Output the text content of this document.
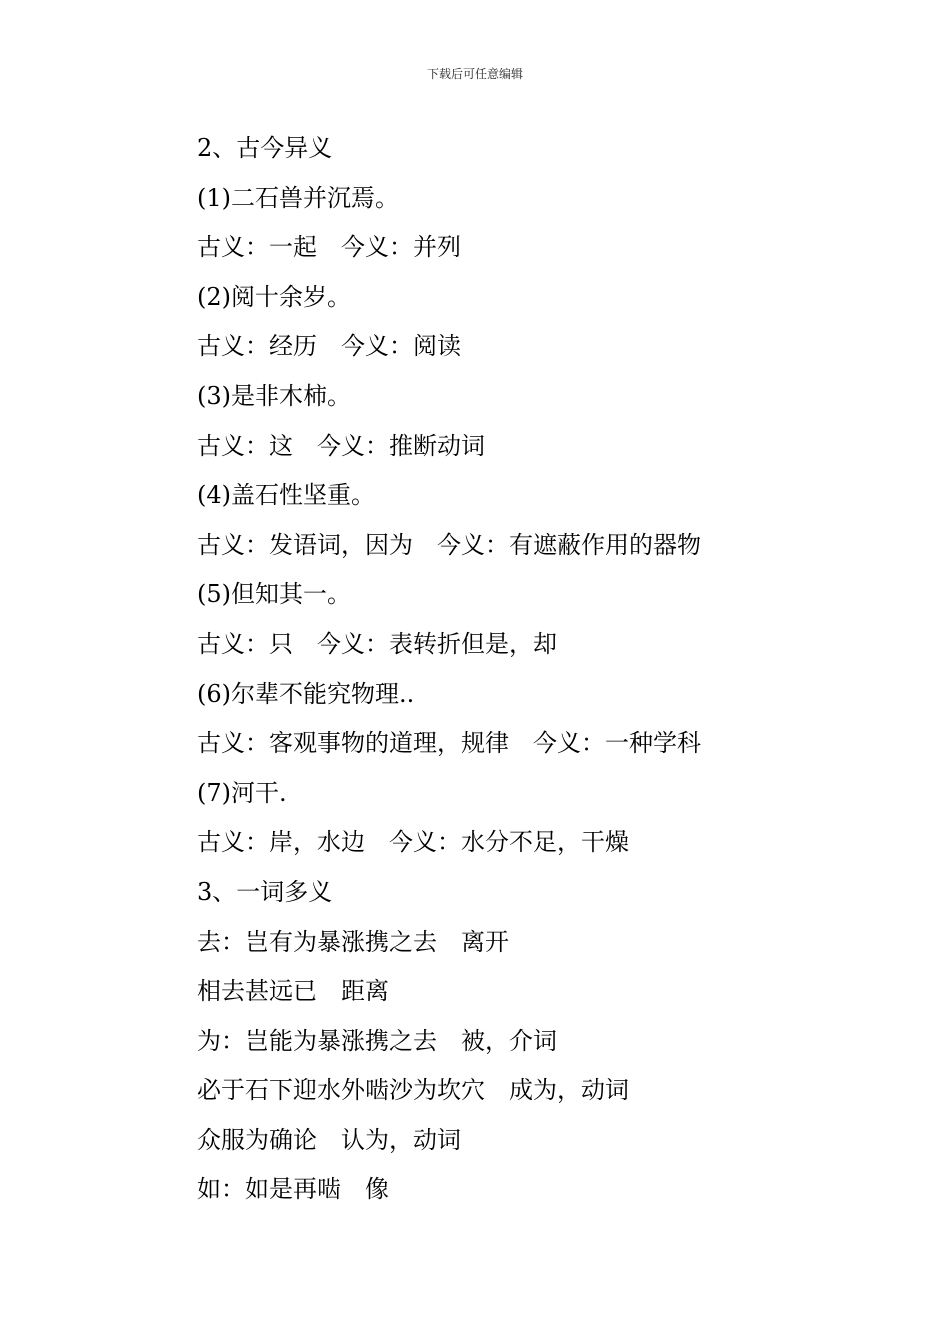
下载后可任意编辑
2、古今异义
(1)二石兽并沉焉。
古义：一起　今义：并列
(2)阅十余岁。
古义：经历　今义：阅读
(3)是非木柿。
古义：这　今义：推断动词
(4)盖石性坚重。
古义：发语词，因为　今义：有遮蔽作用的器物
(5)但知其一。
古义：只　今义：表转折但是，却
(6)尔辈不能究物理..
古义：客观事物的道理，规律　今义：一种学科
(7)河干.
古义：岸，水边　今义：水分不足，干燥
3、一词多义
去：岂有为暴涨携之去　离开
相去甚远已　距离
为：岂能为暴涨携之去　被，介词
必于石下迎水外啮沙为坎穴　成为，动词
众服为确论　认为，动词
如：如是再啮　像
